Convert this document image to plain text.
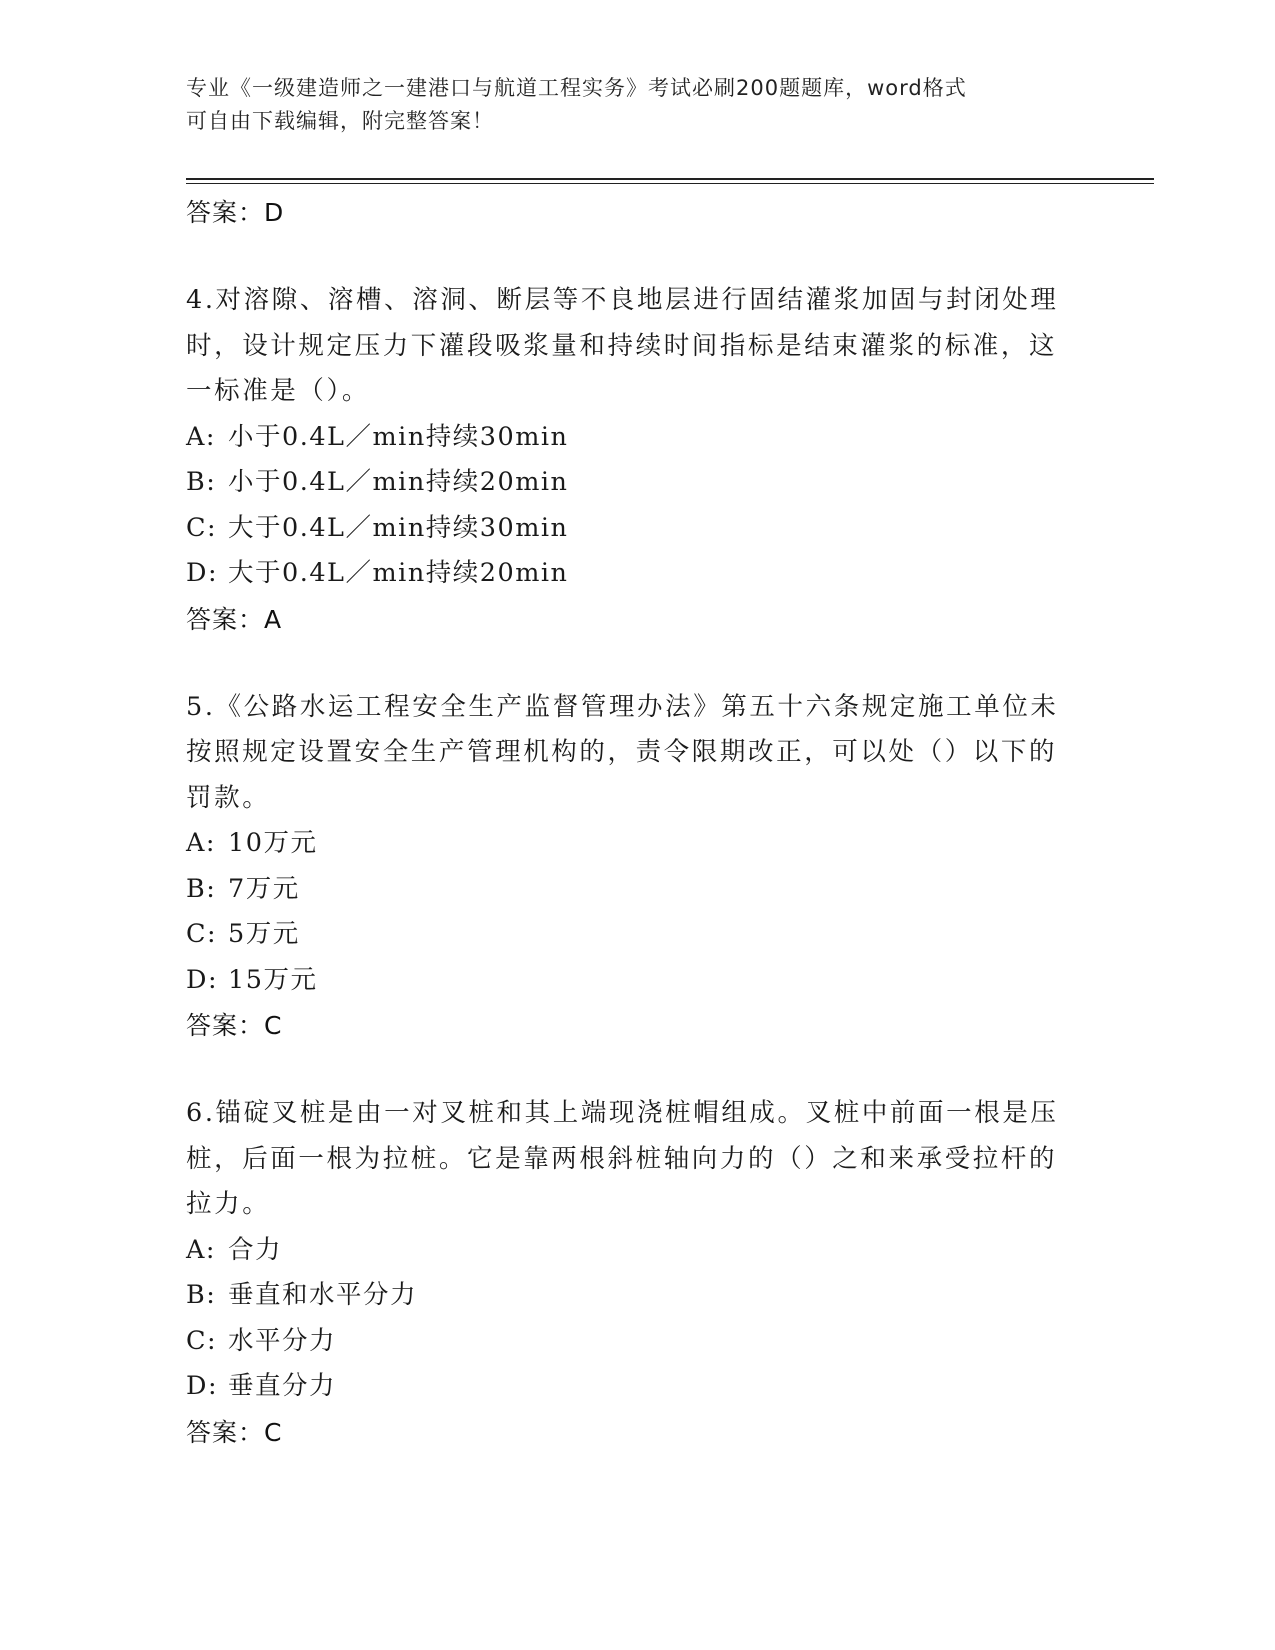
专业《一级建造师之一建港口与航道工程实务》考试必刷200题题库，word格式
可自由下载编辑，附完整答案！
答案：D
4.对溶隙、溶槽、溶洞、断层等不良地层进行固结灌浆加固与封闭处理时，设计规定压力下灌段吸浆量和持续时间指标是结束灌浆的标准，这一标准是（）。
A: 小于0.4L／min持续30min
B: 小于0.4L／min持续20min
C: 大于0.4L／min持续30min
D: 大于0.4L／min持续20min
答案：A
5.《公路水运工程安全生产监督管理办法》第五十六条规定施工单位未按照规定设置安全生产管理机构的，责令限期改正，可以处（）以下的罚款。
A: 10万元
B: 7万元
C: 5万元
D: 15万元
答案：C
6.锚碇叉桩是由一对叉桩和其上端现浇桩帽组成。叉桩中前面一根是压桩，后面一根为拉桩。它是靠两根斜桩轴向力的（）之和来承受拉杆的拉力。
A: 合力
B: 垂直和水平分力
C: 水平分力
D: 垂直分力
答案：C
